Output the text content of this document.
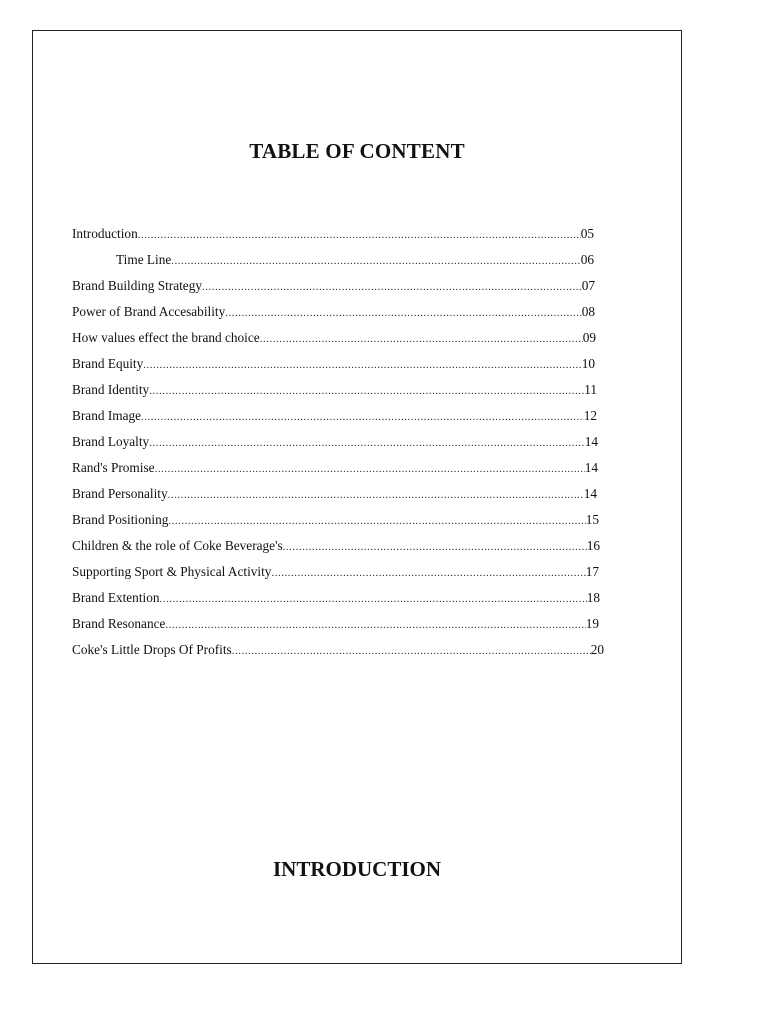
TABLE OF CONTENT
Introduction .....	05
Time Line .....	06
Brand Building Strategy .....	07
Power of Brand Accesability .....	08
How values effect the brand choice .....	09
Brand Equity .....	10
Brand Identity .....	11
Brand Image .....	12
Brand Loyalty .....	14
Rand's Promise .....	14
Brand Personality .....	14
Brand Positioning .....	15
Children & the role of Coke Beverage's .....	16
Supporting Sport & Physical Activity .....	17
Brand Extention .....	18
Brand Resonance .....	19
Coke's Little Drops Of Profits .....	20
INTRODUCTION
